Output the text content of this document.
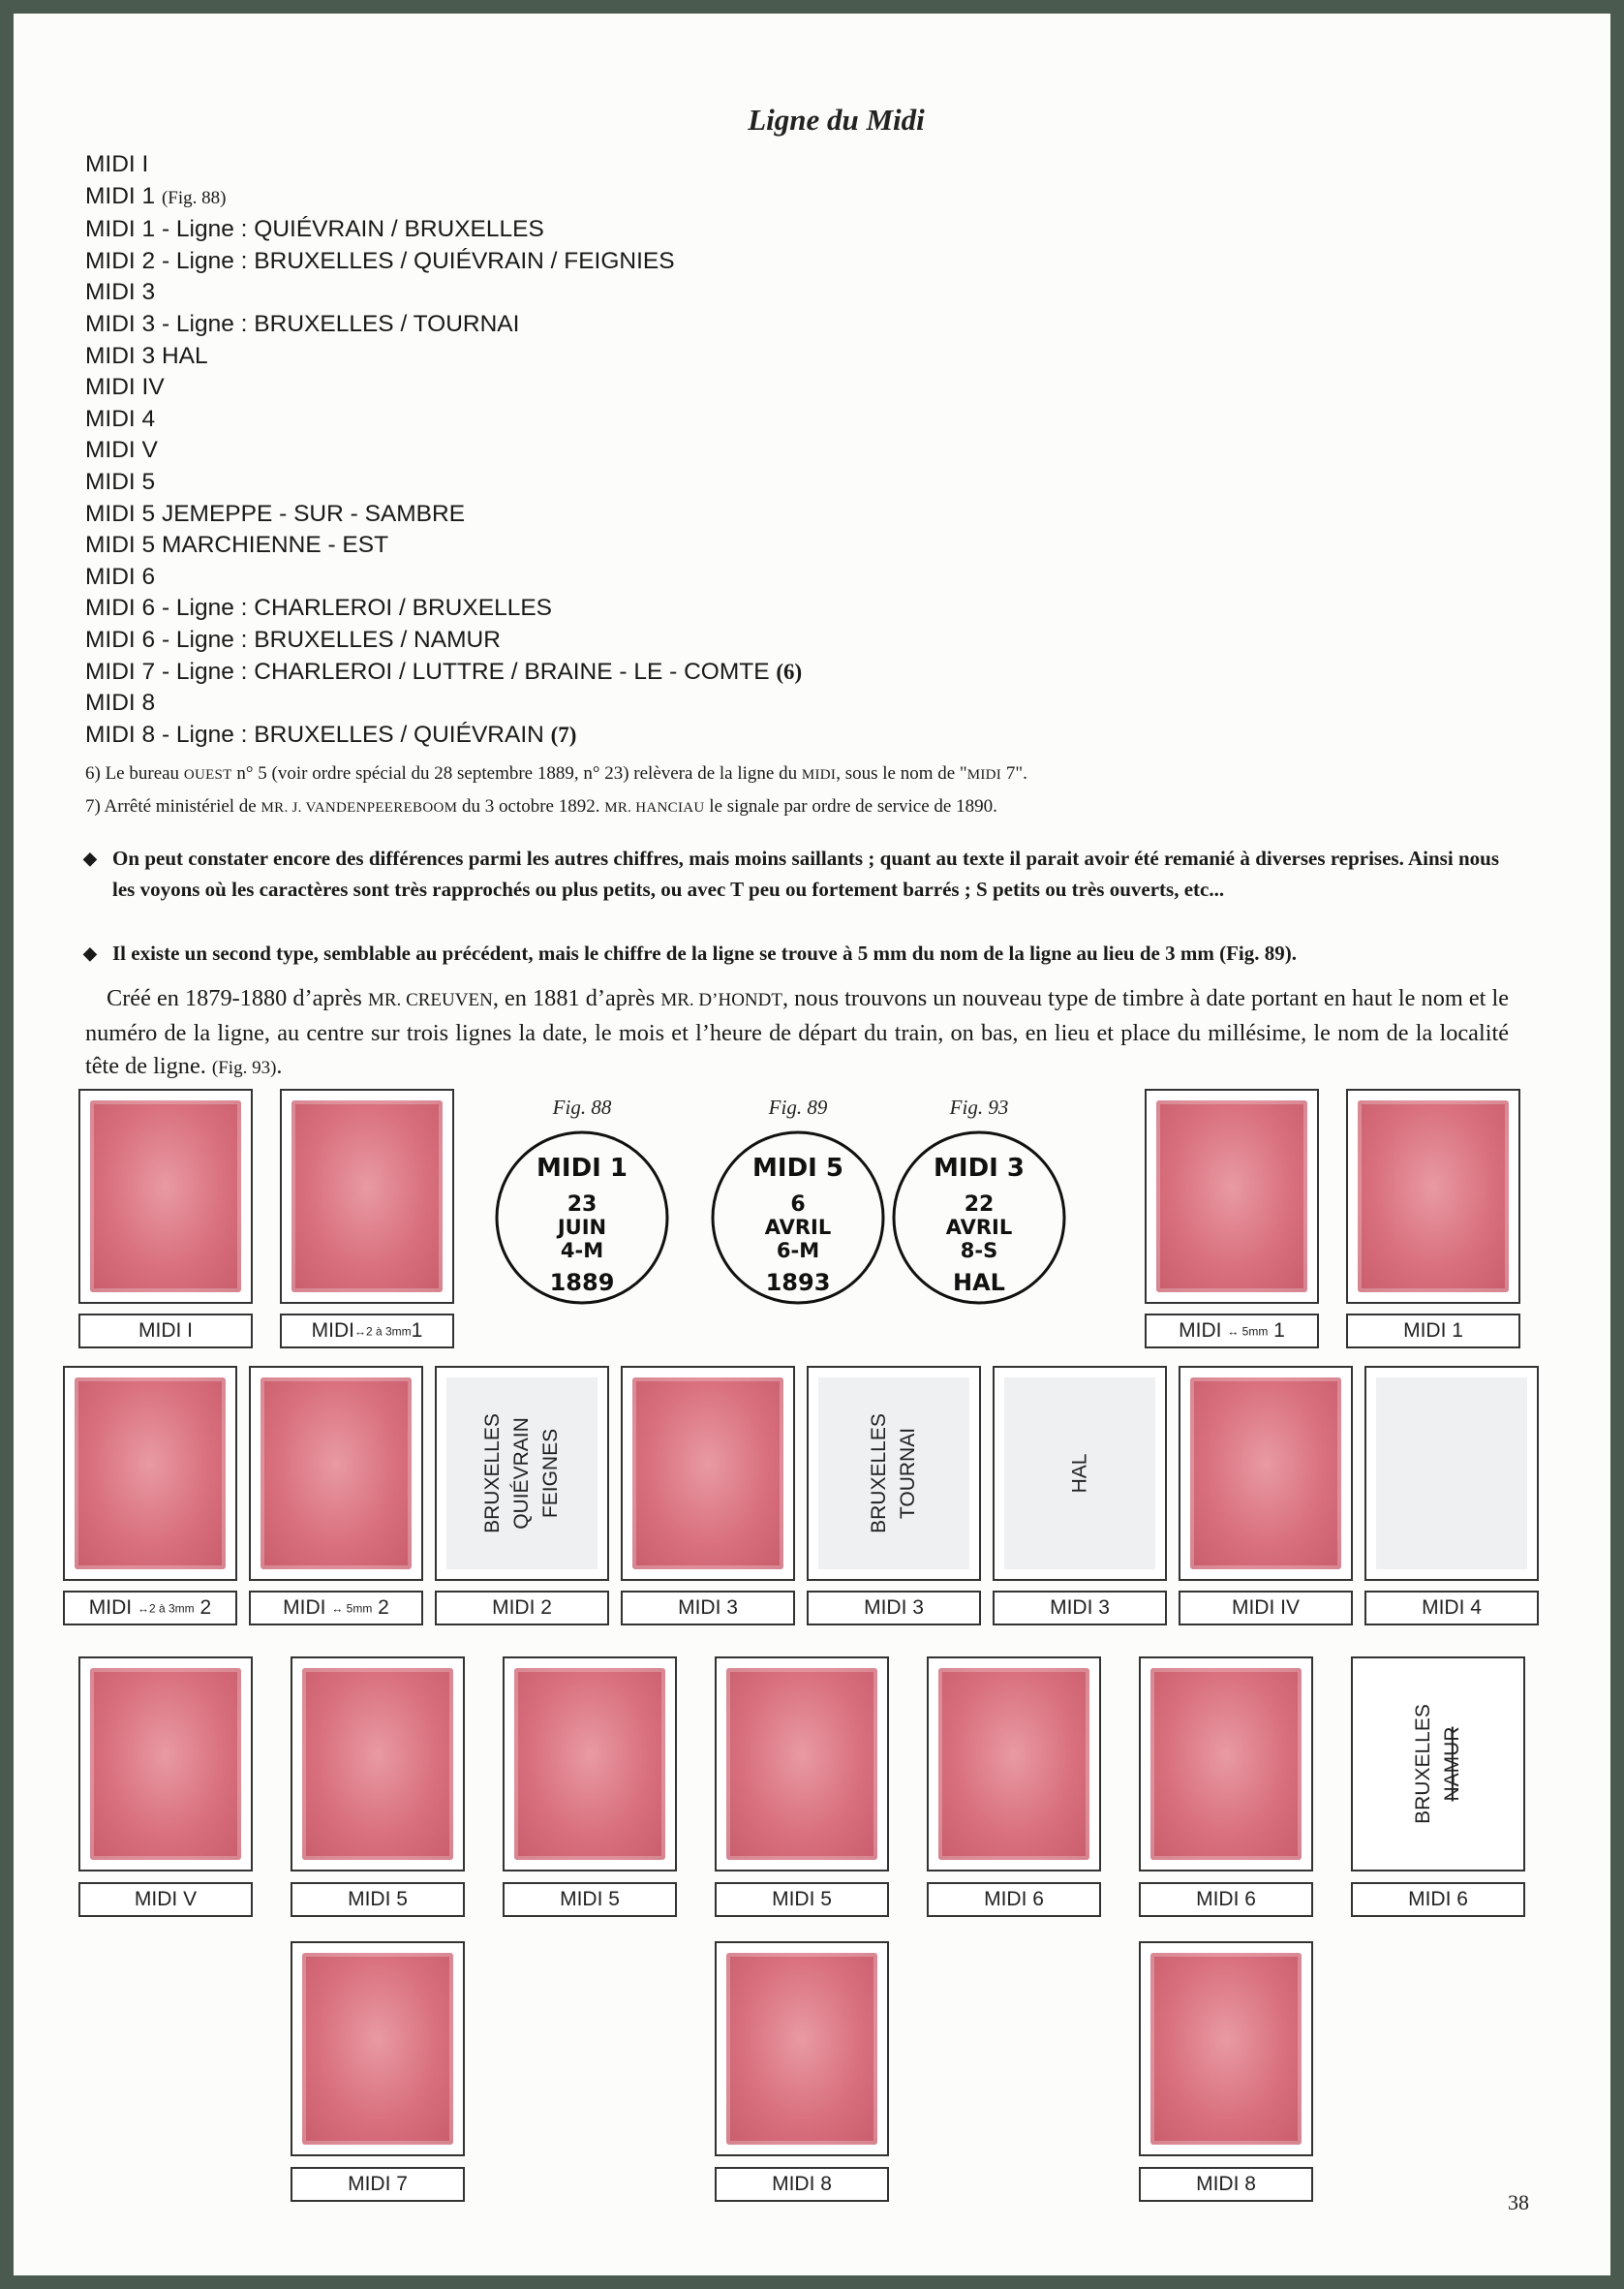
Ligne du Midi
MIDI I
MIDI 1 (Fig. 88)
MIDI 1 - Ligne : QUIÉVRAIN / BRUXELLES
MIDI 2 - Ligne : BRUXELLES / QUIÉVRAIN / FEIGNIES
MIDI 3
MIDI 3 - Ligne : BRUXELLES / TOURNAI
MIDI 3 HAL
MIDI IV
MIDI 4
MIDI V
MIDI 5
MIDI 5 JEMEPPE - SUR - SAMBRE
MIDI 5 MARCHIENNE - EST
MIDI 6
MIDI 6 - Ligne : CHARLEROI / BRUXELLES
MIDI 6 - Ligne : BRUXELLES / NAMUR
MIDI 7 - Ligne : CHARLEROI / LUTTRE / BRAINE - LE - COMTE (6)
MIDI 8
MIDI 8 - Ligne : BRUXELLES / QUIÉVRAIN (7)
6) Le bureau OUEST n° 5 (voir ordre spécial du 28 septembre 1889, n° 23) relèvera de la ligne du MIDI, sous le nom de "MIDI 7".
7) Arrêté ministériel de MR. J. VANDENPEEREBOOM du 3 octobre 1892. MR. HANCIAU le signale par ordre de service de 1890.
◆ On peut constater encore des différences parmi les autres chiffres, mais moins saillants ; quant au texte il parait avoir été remanié à diverses reprises. Ainsi nous les voyons où les caractères sont très rapprochés ou plus petits, ou avec T peu ou fortement barrés ; S petits ou très ouverts, etc...
◆ Il existe un second type, semblable au précédent, mais le chiffre de la ligne se trouve à 5 mm du nom de la ligne au lieu de 3 mm (Fig. 89).
Créé en 1879-1880 d’après MR. CREUVEN, en 1881 d’après MR. D’HONDT, nous trouvons un nouveau type de timbre à date portant en haut le nom et le numéro de la ligne, au centre sur trois lignes la date, le mois et l’heure de départ du train, on bas, en lieu et place du millésime, le nom de la localité tête de ligne. (Fig. 93).
Fig. 88	Fig. 89	Fig. 93
MIDI 1
23
JUIN
4-M
1889
MIDI 5
6
AVRIL
6-M
1893
MIDI 3
22
AVRIL
8-S
HAL
MIDI I	MIDI↔2 à 3mm1	MIDI ↔ 5mm 1	MIDI 1
BRUXELLES QUIÉVRAIN FEIGNES	BRUXELLES TOURNAI	HAL
MIDI ↔2 à 3mm 2	MIDI ↔ 5mm 2	MIDI 2	MIDI 3	MIDI 3	MIDI 3	MIDI IV	MIDI 4
BRUXELLES NAMUR
MIDI V	MIDI 5	MIDI 5	MIDI 5	MIDI 6	MIDI 6	MIDI 6
MIDI 7	MIDI 8	MIDI 8
38
